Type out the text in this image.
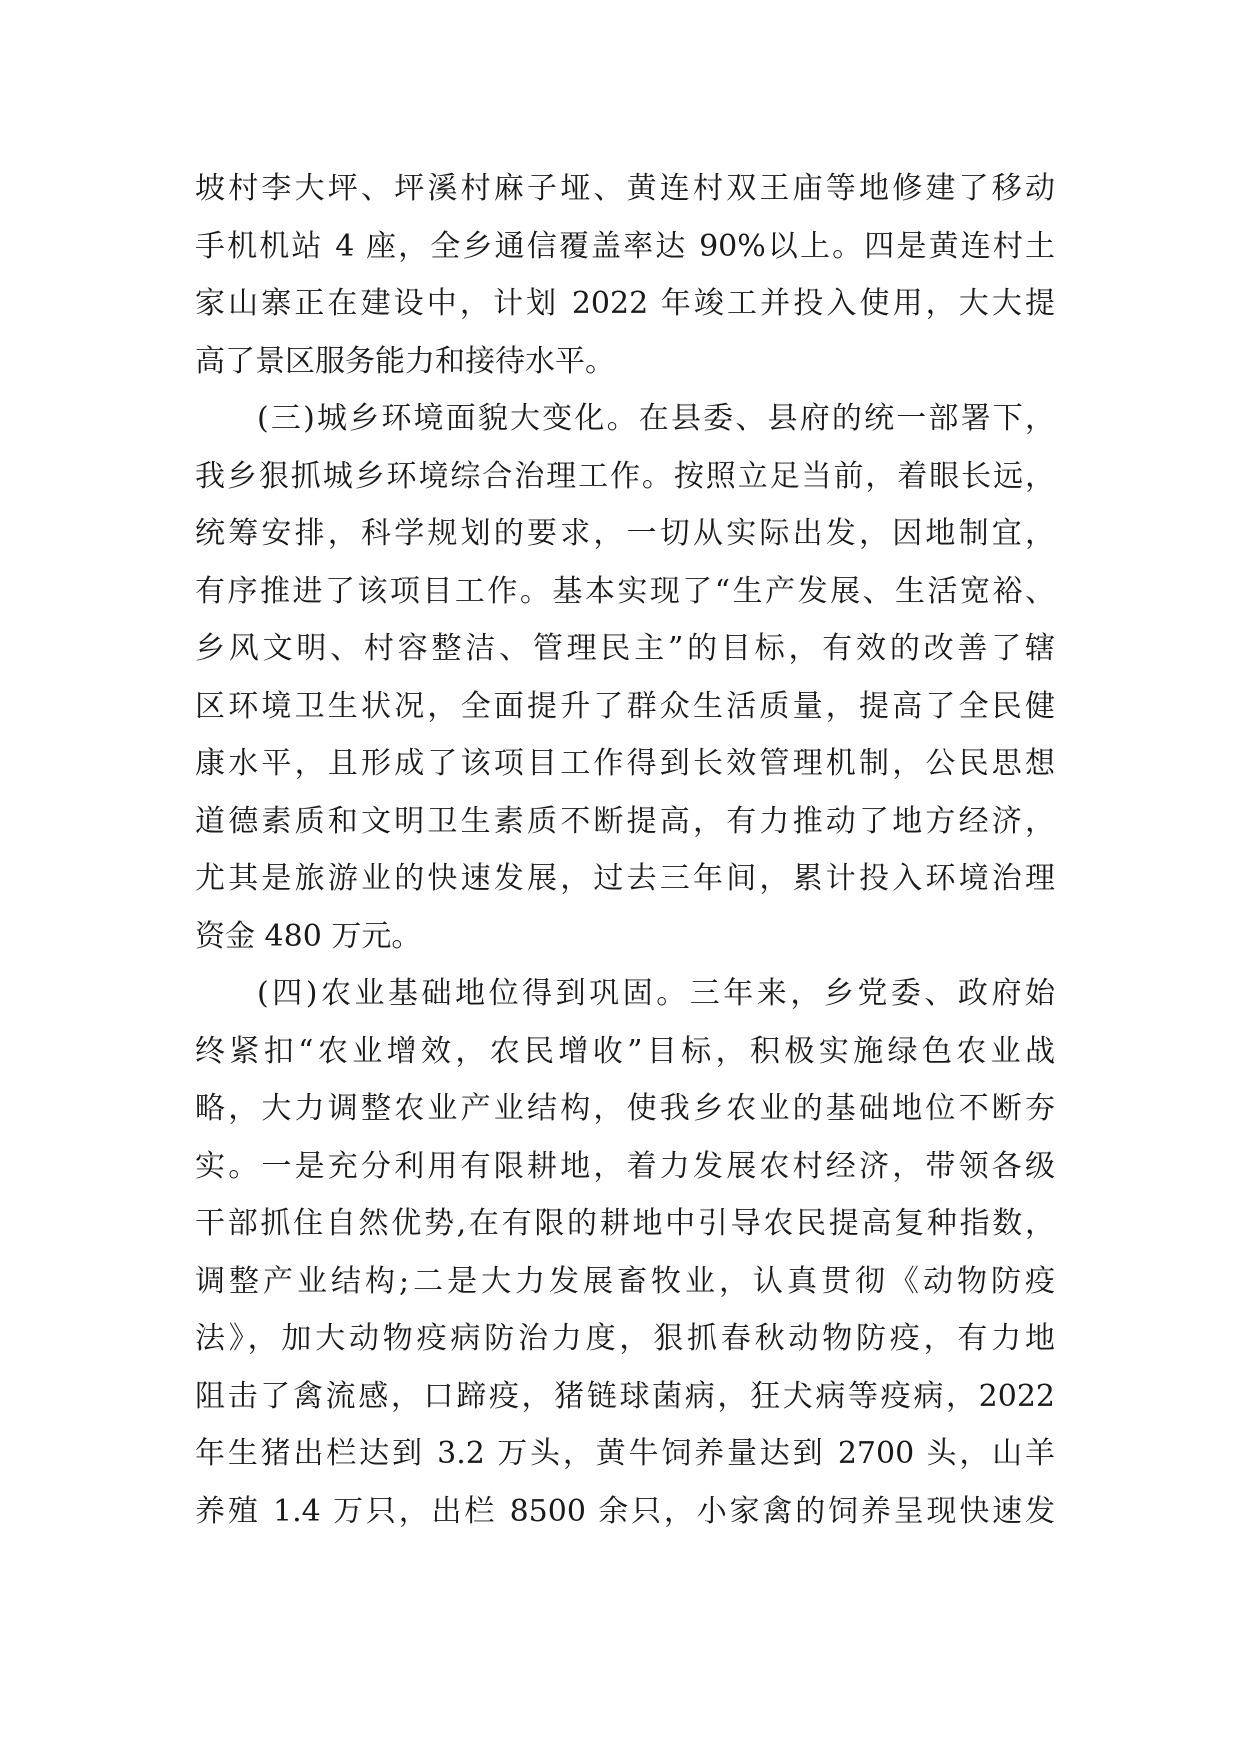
坡村李大坪、坪溪村麻子垭、黄连村双王庙等地修建了移动
手机机站 4 座，全乡通信覆盖率达 90%以上。四是黄连村土
家山寨正在建设中，计划 2022 年竣工并投入使用，大大提
高了景区服务能力和接待水平。
(三)城乡环境面貌大变化。在县委、县府的统一部署下，
我乡狠抓城乡环境综合治理工作。按照立足当前，着眼长远，
统筹安排，科学规划的要求，一切从实际出发，因地制宜，
有序推进了该项目工作。基本实现了“生产发展、生活宽裕、
乡风文明、村容整洁、管理民主”的目标，有效的改善了辖
区环境卫生状况，全面提升了群众生活质量，提高了全民健
康水平，且形成了该项目工作得到长效管理机制，公民思想
道德素质和文明卫生素质不断提高，有力推动了地方经济，
尤其是旅游业的快速发展，过去三年间，累计投入环境治理
资金 480 万元。
(四)农业基础地位得到巩固。三年来，乡党委、政府始
终紧扣“农业增效，农民增收”目标，积极实施绿色农业战
略，大力调整农业产业结构，使我乡农业的基础地位不断夯
实。一是充分利用有限耕地，着力发展农村经济，带领各级
干部抓住自然优势,在有限的耕地中引导农民提高复种指数，
调整产业结构;二是大力发展畜牧业，认真贯彻《动物防疫
法》，加大动物疫病防治力度，狠抓春秋动物防疫，有力地
阻击了禽流感，口蹄疫，猪链球菌病，狂犬病等疫病，2022
年生猪出栏达到 3.2 万头，黄牛饲养量达到 2700 头，山羊
养殖 1.4 万只，出栏 8500 余只，小家禽的饲养呈现快速发
